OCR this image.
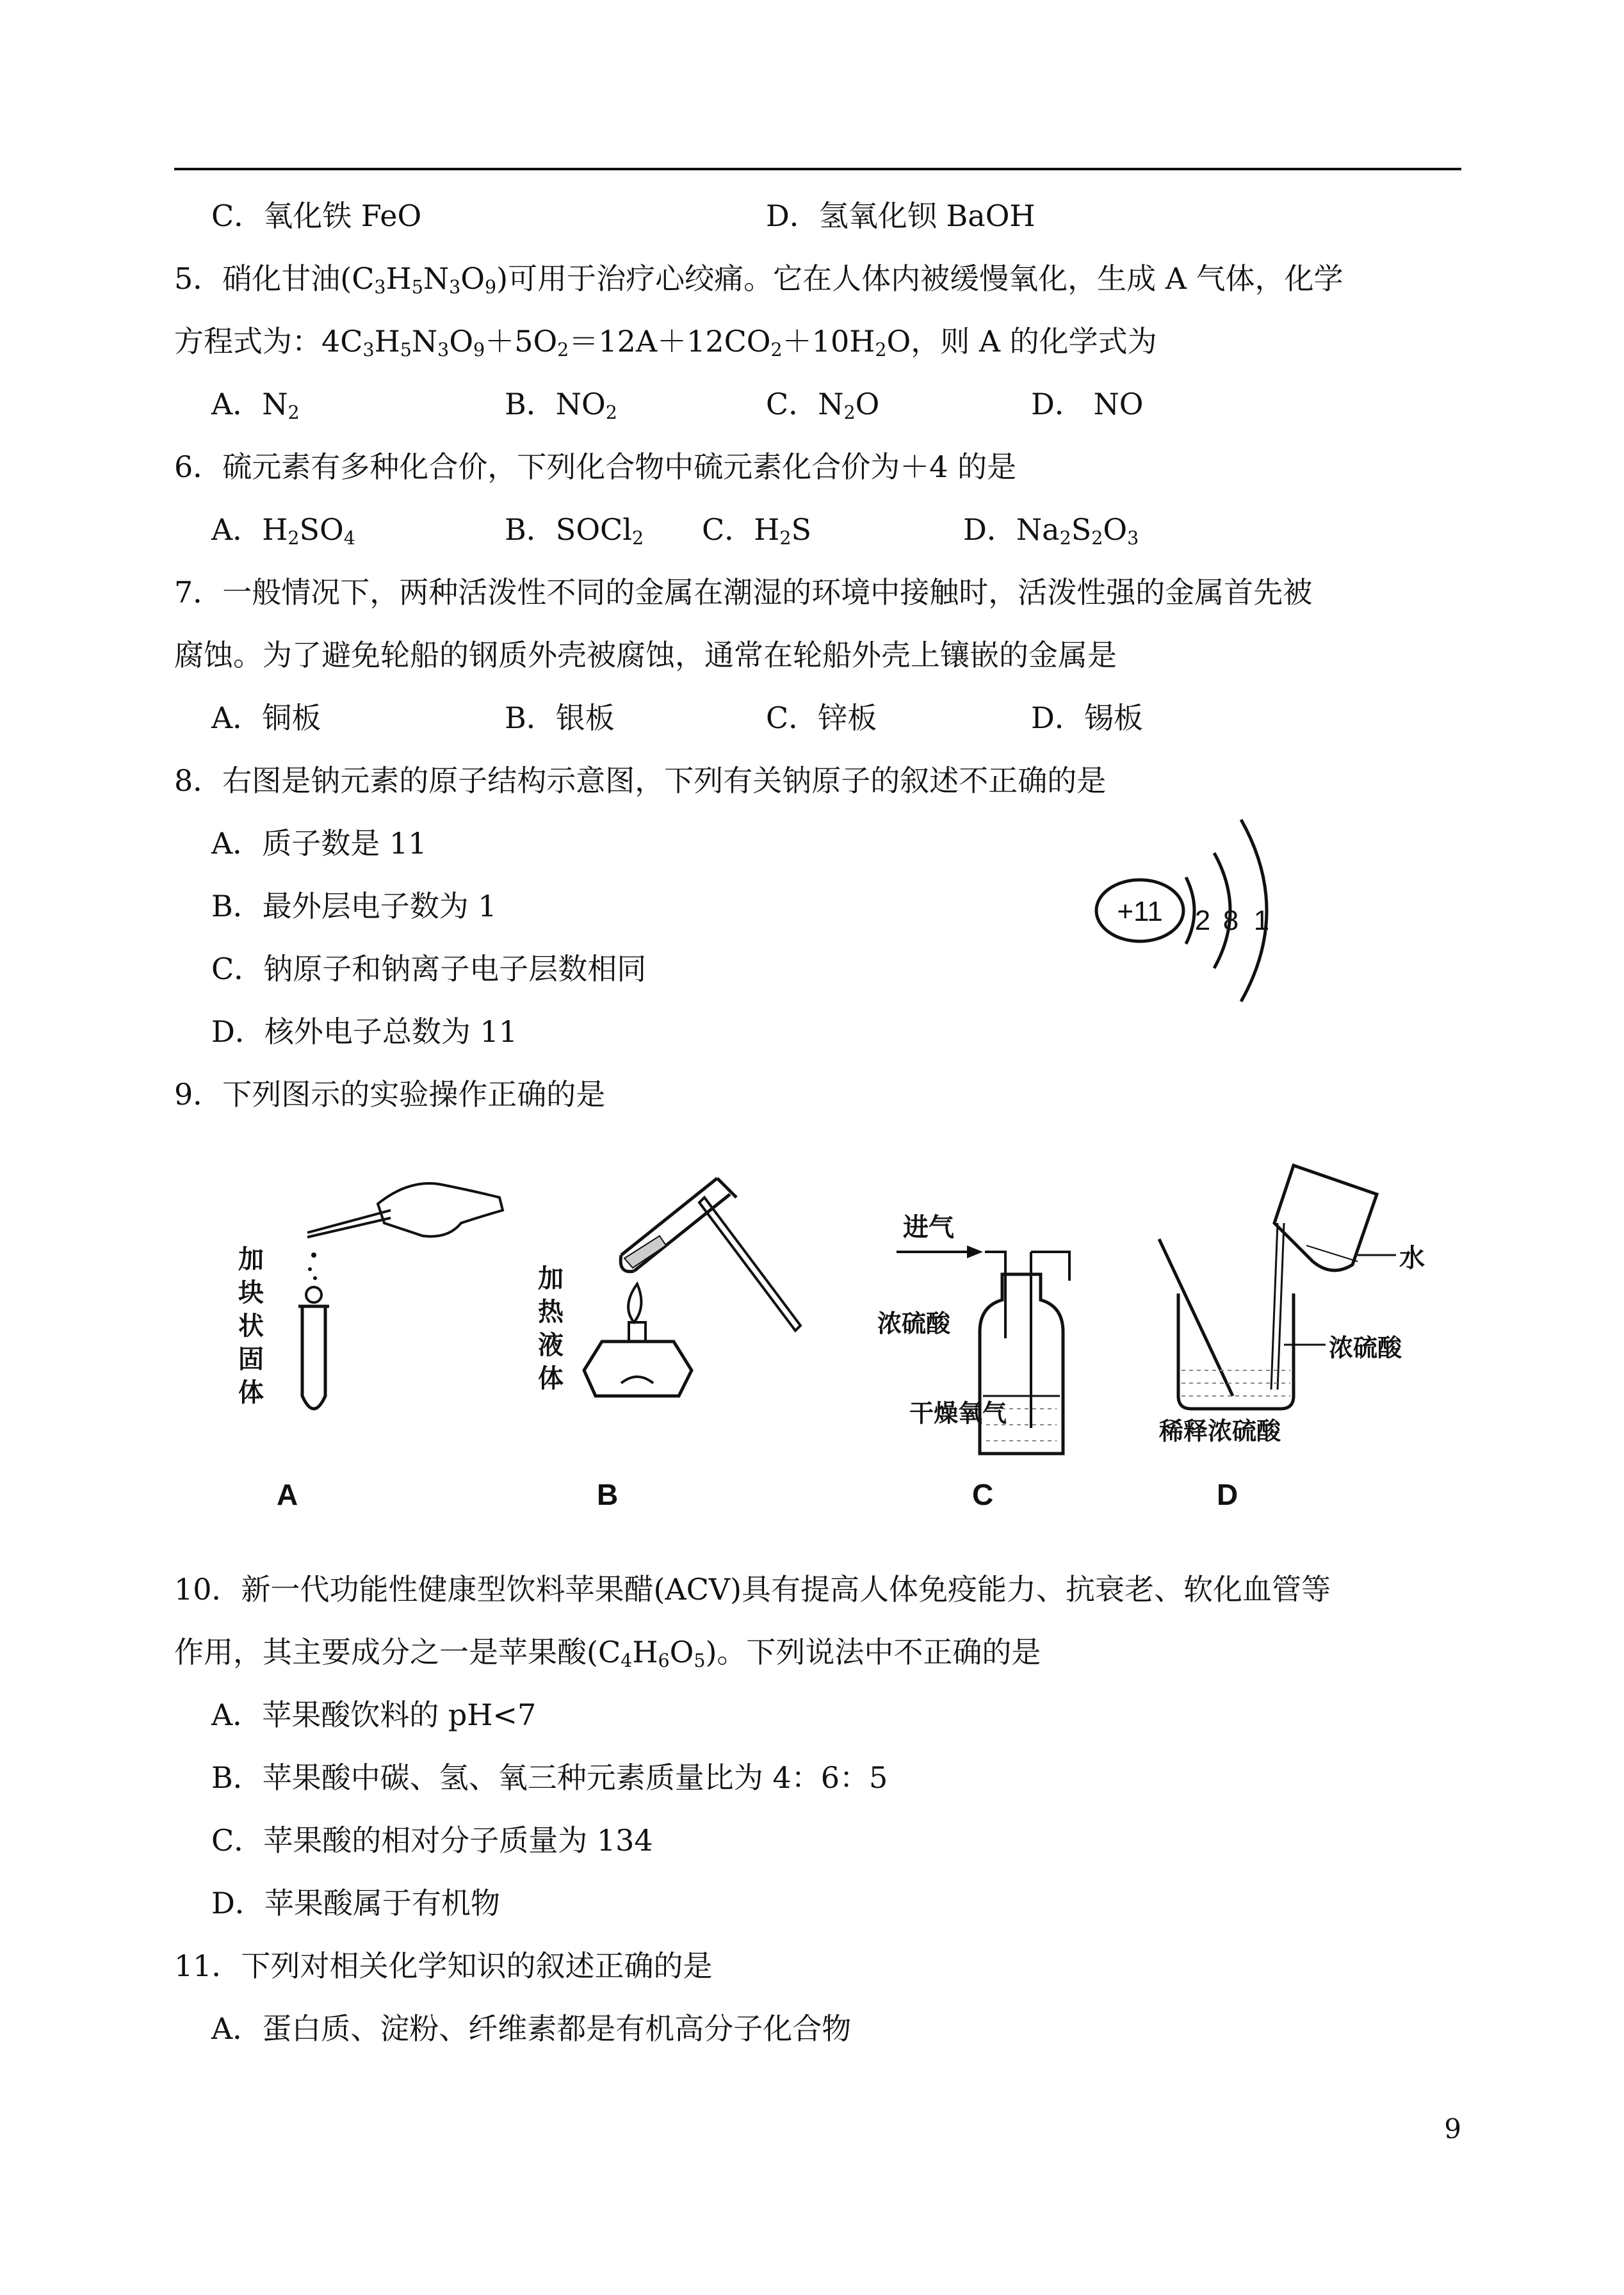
C．氧化铁 FeO	D．氢氧化钡 BaOH
5．硝化甘油$(C_3H_5N_3O_9)$可用于治疗心绞痛。它在人体内被缓慢氧化，生成 A 气体，化学
方程式为：$4C_3H_5N_3O_9+5O_2=12A+12CO_2+10H_2O$，则 A 的化学式为
A．$N_2$	B．$NO_2$	C．$N_2O$	D． NO
6．硫元素有多种化合价，下列化合物中硫元素化合价为＋4 的是
A．$H_2SO_4$	B．SOCl$_2$ C．$H_2S$	D．$Na_2S_2O_3$
7．一般情况下，两种活泼性不同的金属在潮湿的环境中接触时，活泼性强的金属首先被
腐蚀。为了避免轮船的钢质外壳被腐蚀，通常在轮船外壳上镶嵌的金属是
A．铜板	B．银板	C．锌板	D．锡板
8．右图是钠元素的原子结构示意图，下列有关钠原子的叙述不正确的是
A．质子数是 11
B．最外层电子数为 1
C．钠原子和钠离子电子层数相同
D．核外电子总数为 11
+11 2 8 1
9．下列图示的实验操作正确的是
加 块 状 固 体
A
加 热 液 体
B
进气
浓硫酸
干燥氧气
C
水
浓硫酸
稀释浓硫酸
D
10．新一代功能性健康型饮料苹果醋(ACV)具有提高人体免疫能力、抗衰老、软化血管等
作用，其主要成分之一是苹果酸$(C_4H_6O_5)$。下列说法中不正确的是
A．苹果酸饮料的 pH<7
B．苹果酸中碳、氢、氧三种元素质量比为 4：6：5
C．苹果酸的相对分子质量为 134
D．苹果酸属于有机物
11．下列对相关化学知识的叙述正确的是
A．蛋白质、淀粉、纤维素都是有机高分子化合物
9
